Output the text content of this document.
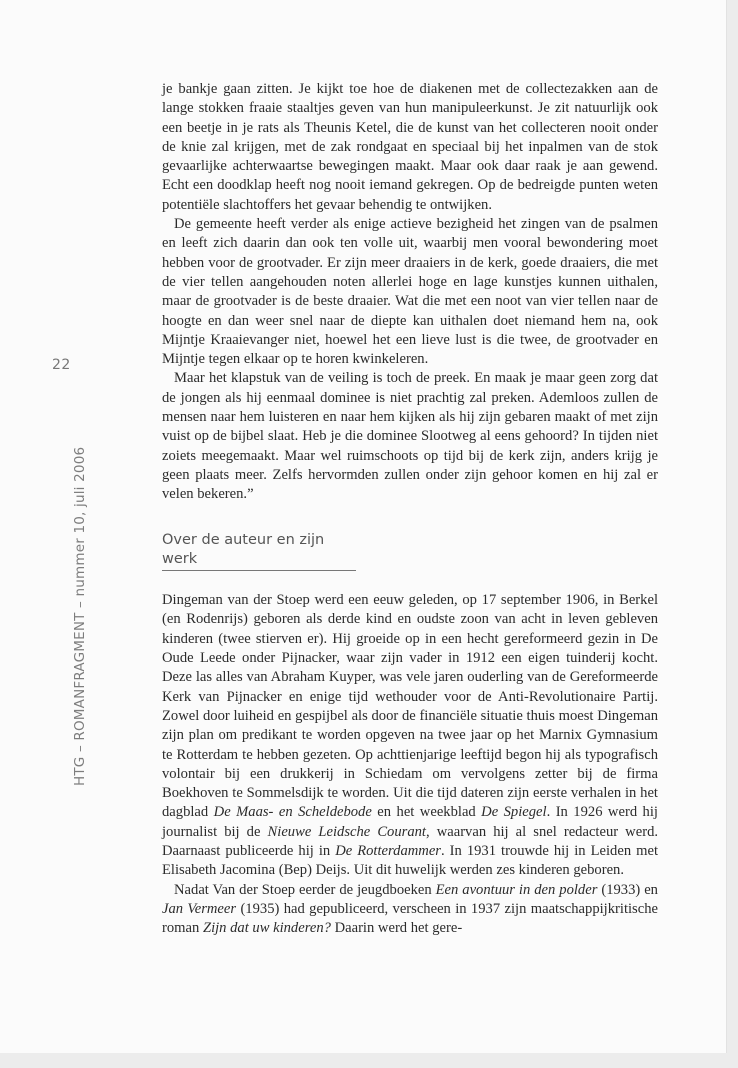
22
HTG – ROMANFRAGMENT – nummer 10, juli 2006

je bankje gaan zitten. Je kijkt toe hoe de diakenen met de collectezakken aan de lange stokken fraaie staaltjes geven van hun manipuleerkunst. Je zit natuurlijk ook een beetje in je rats als Theunis Ketel, die de kunst van het collecteren nooit onder de knie zal krijgen, met de zak rondgaat en speciaal bij het inpalmen van de stok gevaarlijke achterwaartse bewegingen maakt. Maar ook daar raak je aan gewend. Echt een doodklap heeft nog nooit iemand gekregen. Op de bedreigde punten weten potentiële slachtoffers het gevaar behendig te ontwijken.

De gemeente heeft verder als enige actieve bezigheid het zingen van de psalmen en leeft zich daarin dan ook ten volle uit, waarbij men vooral bewondering moet hebben voor de grootvader. Er zijn meer draaiers in de kerk, goede draaiers, die met de vier tellen aangehouden noten allerlei hoge en lage kunstjes kunnen uithalen, maar de grootvader is de beste draaier. Wat die met een noot van vier tellen naar de hoogte en dan weer snel naar de diepte kan uithalen doet niemand hem na, ook Mijntje Kraaievanger niet, hoewel het een lieve lust is die twee, de grootvader en Mijntje tegen elkaar op te horen kwinkeleren.

Maar het klapstuk van de veiling is toch de preek. En maak je maar geen zorg dat de jongen als hij eenmaal dominee is niet prachtig zal preken. Ademloos zullen de mensen naar hem luisteren en naar hem kijken als hij zijn gebaren maakt of met zijn vuist op de bijbel slaat. Heb je die dominee Slootweg al eens gehoord? In tijden niet zoiets meegemaakt. Maar wel ruimschoots op tijd bij de kerk zijn, anders krijg je geen plaats meer. Zelfs hervormden zullen onder zijn gehoor komen en hij zal er velen bekeren.”

Over de auteur en zijn werk

Dingeman van der Stoep werd een eeuw geleden, op 17 september 1906, in Berkel (en Rodenrijs) geboren als derde kind en oudste zoon van acht in leven gebleven kinderen (twee stierven er). Hij groeide op in een hecht gereformeerd gezin in De Oude Leede onder Pijnacker, waar zijn vader in 1912 een eigen tuinderij kocht. Deze las alles van Abraham Kuyper, was vele jaren ouderling van de Gereformeerde Kerk van Pijnacker en enige tijd wethouder voor de Anti-Revolutionaire Partij. Zowel door luiheid en gespijbel als door de financiële situatie thuis moest Dingeman zijn plan om predikant te worden opgeven na twee jaar op het Marnix Gymnasium te Rotterdam te hebben gezeten. Op achttienjarige leeftijd begon hij als typografisch volontair bij een drukkerij in Schiedam om vervolgens zetter bij de firma Boekhoven te Sommelsdijk te worden. Uit die tijd dateren zijn eerste verhalen in het dagblad De Maas- en Scheldebode en het weekblad De Spiegel. In 1926 werd hij journalist bij de Nieuwe Leidsche Courant, waarvan hij al snel redacteur werd. Daarnaast publiceerde hij in De Rotterdammer. In 1931 trouwde hij in Leiden met Elisabeth Jacomina (Bep) Deijs. Uit dit huwelijk werden zes kinderen geboren.

Nadat Van der Stoep eerder de jeugdboeken Een avontuur in den polder (1933) en Jan Vermeer (1935) had gepubliceerd, verscheen in 1937 zijn maatschappijkritische roman Zijn dat uw kinderen? Daarin werd het gere-
